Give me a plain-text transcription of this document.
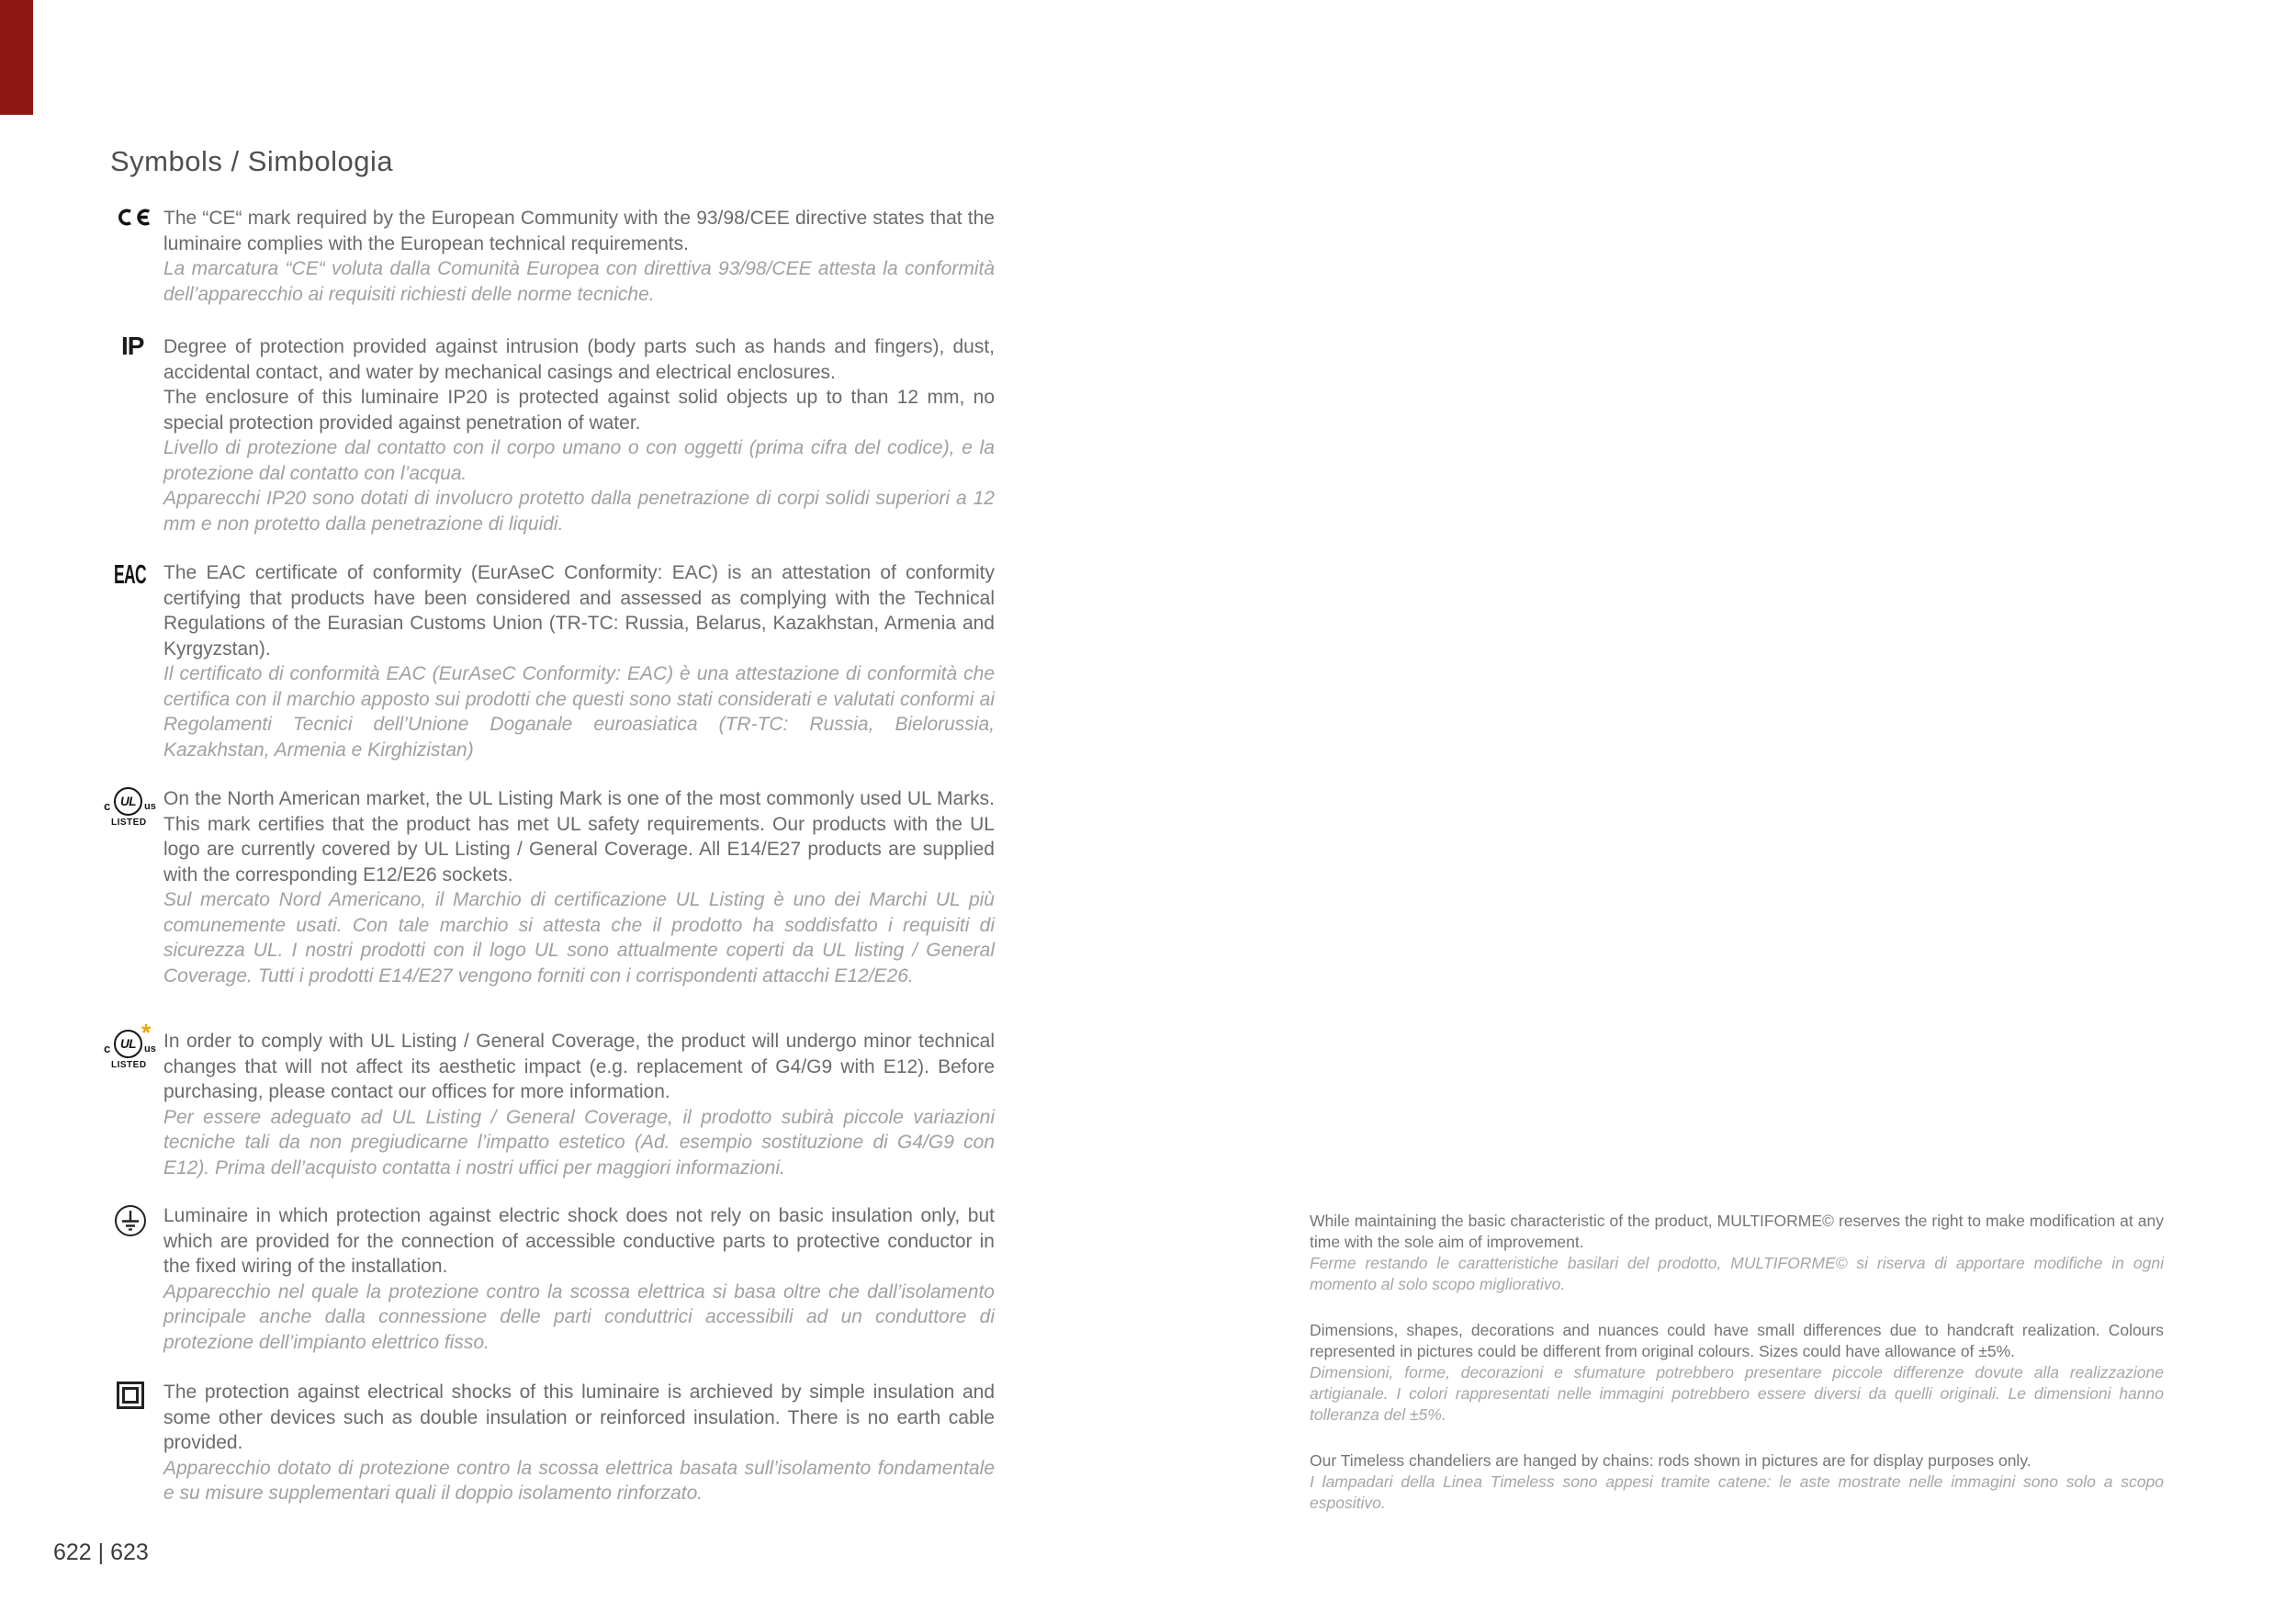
Symbols / Simbologia

The “CE“ mark required by the European Community with the 93/98/CEE directive states that the luminaire complies with the European technical requirements.

La marcatura “CE“ voluta dalla Comunità Europea con direttiva 93/98/CEE attesta la conformità dell’apparecchio ai requisiti richiesti delle norme tecniche.

IP Degree of protection provided against intrusion (body parts such as hands and fingers), dust, accidental contact, and water by mechanical casings and electrical enclosures.

The enclosure of this luminaire IP20 is protected against solid objects up to than 12 mm, no special protection provided against penetration of water.

Livello di protezione dal contatto con il corpo umano o con oggetti (prima cifra del codice), e la protezione dal contatto con l’acqua.

Apparecchi IP20 sono dotati di involucro protetto dalla penetrazione di corpi solidi superiori a 12 mm e non protetto dalla penetrazione di liquidi.

EAC The EAC certificate of conformity (EurAseC Conformity: EAC) is an attestation of conformity certifying that products have been considered and assessed as complying with the Technical Regulations of the Eurasian Customs Union (TR-TC: Russia, Belarus, Kazakhstan, Armenia and Kyrgyzstan).

Il certificato di conformità EAC (EurAseC Conformity: EAC) è una attestazione di conformità che certifica con il marchio apposto sui prodotti che questi sono stati considerati e valutati conformi ai Regolamenti Tecnici dell’Unione Doganale euroasiatica (TR-TC: Russia, Bielorussia, Kazakhstan, Armenia e Kirghizistan)

c UL us
LISTED

On the North American market, the UL Listing Mark is one of the most commonly used UL Marks. This mark certifies that the product has met UL safety requirements. Our products with the UL logo are currently covered by UL Listing / General Coverage. All E14/E27 products are supplied with the corresponding E12/E26 sockets.

Sul mercato Nord Americano, il Marchio di certificazione UL Listing è uno dei Marchi UL più comunemente usati. Con tale marchio si attesta che il prodotto ha soddisfatto i requisiti di sicurezza UL. I nostri prodotti con il logo UL sono attualmente coperti da UL listing / General Coverage. Tutti i prodotti E14/E27 vengono forniti con i corrispondenti attacchi E12/E26.

c UL us
LISTED
* In order to comply with UL Listing / General Coverage, the product will undergo minor technical changes that will not affect its aesthetic impact (e.g. replacement of G4/G9 with E12). Before purchasing, please contact our offices for more information.

Per essere adeguato ad UL Listing / General Coverage, il prodotto subirà piccole variazioni tecniche tali da non pregiudicarne l’impatto estetico (Ad. esempio sostituzione di G4/G9 con E12). Prima dell’acquisto contatta i nostri uffici per maggiori informazioni.

Luminaire in which protection against electric shock does not rely on basic insulation only, but which are provided for the connection of accessible conductive parts to protective conductor in the fixed wiring of the installation.

Apparecchio nel quale la protezione contro la scossa elettrica si basa oltre che dall’isolamento principale anche dalla connessione delle parti conduttrici accessibili ad un conduttore di protezione dell’impianto elettrico fisso.

The protection against electrical shocks of this luminaire is archieved by simple insulation and some other devices such as double insulation or reinforced insulation. There is no earth cable provided.

Apparecchio dotato di protezione contro la scossa elettrica basata sull’isolamento fondamentale e su misure supplementari quali il doppio isolamento rinforzato.

While maintaining the basic characteristic of the product, MULTIFORME© reserves the right to make modification at any time with the sole aim of improvement.

Ferme restando le caratteristiche basilari del prodotto, MULTIFORME© si riserva di apportare modifiche in ogni momento al solo scopo migliorativo.

Dimensions, shapes, decorations and nuances could have small differences due to handcraft realization. Colours represented in pictures could be different from original colours. Sizes could have allowance of ±5%.

Dimensioni, forme, decorazioni e sfumature potrebbero presentare piccole differenze dovute alla realizzazione artigianale. I colori rappresentati nelle immagini potrebbero essere diversi da quelli originali. Le dimensioni hanno tolleranza del ±5%.

Our Timeless chandeliers are hanged by chains: rods shown in pictures are for display purposes only.

I lampadari della Linea Timeless sono appesi tramite catene: le aste mostrate nelle immagini sono solo a scopo espositivo.

622 | 623
